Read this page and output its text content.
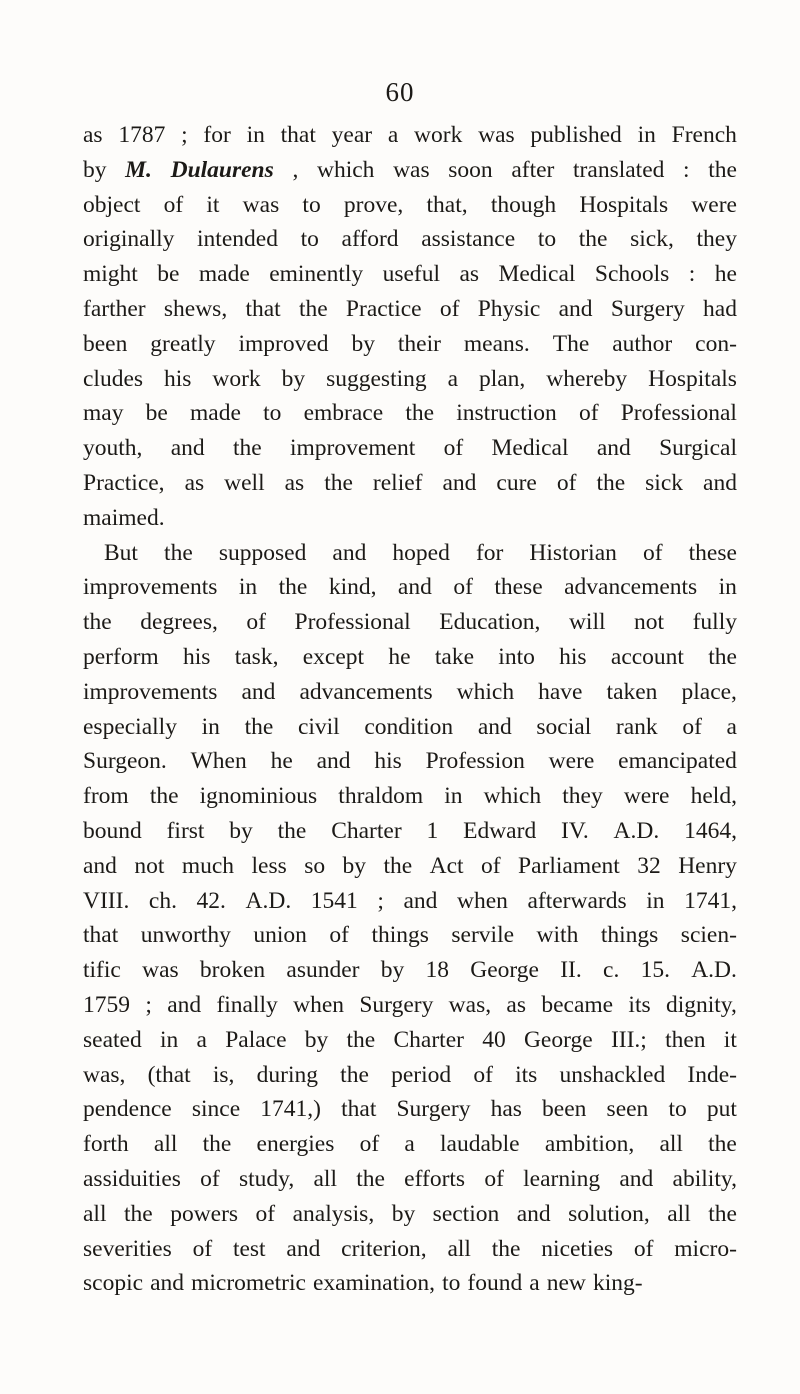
60
as 1787 ; for in that year a work was published in French
by M. Dulaurens , which was soon after translated : the
object of it was to prove, that, though Hospitals were
originally intended to afford assistance to the sick, they
might be made eminently useful as Medical Schools : he
farther shews, that the Practice of Physic and Surgery had
been greatly improved by their means. The author con-
cludes his work by suggesting a plan, whereby Hospitals
may be made to embrace the instruction of Professional
youth, and the improvement of Medical and Surgical
Practice, as well as the relief and cure of the sick and
maimed.
But the supposed and hoped for Historian of these
improvements in the kind, and of these advancements in
the degrees, of Professional Education, will not fully
perform his task, except he take into his account the
improvements and advancements which have taken place,
especially in the civil condition and social rank of a
Surgeon. When he and his Profession were emancipated
from the ignominious thraldom in which they were held,
bound first by the Charter 1 Edward IV. A.D. 1464,
and not much less so by the Act of Parliament 32 Henry
VIII. ch. 42. A.D. 1541 ; and when afterwards in 1741,
that unworthy union of things servile with things scien-
tific was broken asunder by 18 George II. c. 15. A.D.
1759 ; and finally when Surgery was, as became its dignity,
seated in a Palace by the Charter 40 George III.; then it
was, (that is, during the period of its unshackled Inde-
pendence since 1741,) that Surgery has been seen to put
forth all the energies of a laudable ambition, all the
assiduities of study, all the efforts of learning and ability,
all the powers of analysis, by section and solution, all the
severities of test and criterion, all the niceties of micro-
scopic and micrometric examination, to found a new king-
